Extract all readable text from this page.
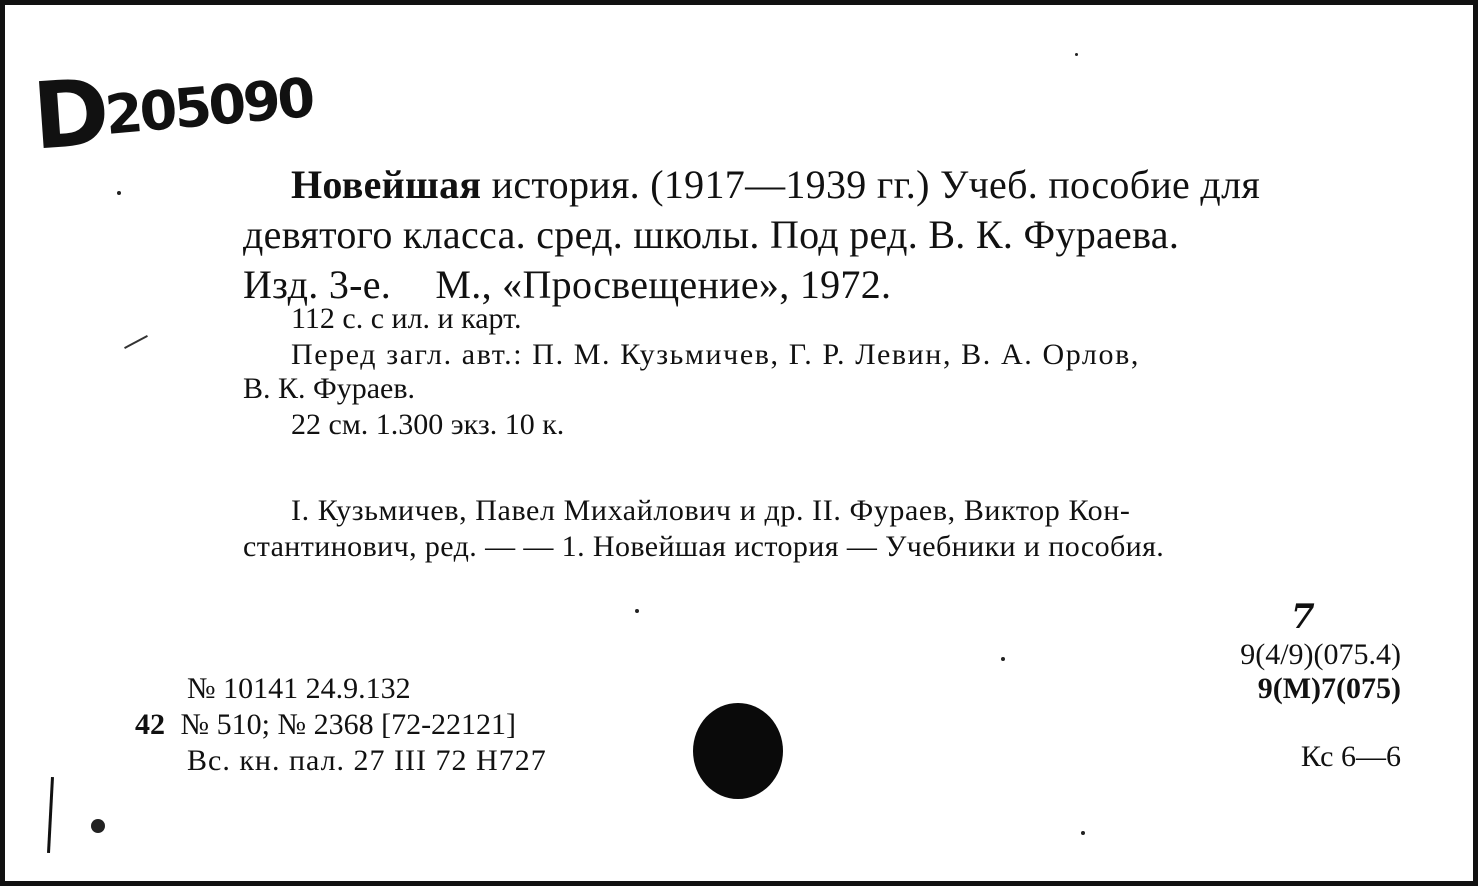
D
205090
Новейшая история. (1917—1939 гг.) Учеб. пособие для
девятого класса. сред. школы. Под ред. В. К. Фураева.
Изд. 3-е. М., «Просвещение», 1972.
112 с. с ил. и карт.
Перед загл. авт.: П. М. Кузьмичев, Г. Р. Левин, В. А. Орлов,
В. К. Фураев.
22 см. 1.300 экз. 10 к.
I. Кузьмичев, Павел Михайлович и др. II. Фураев, Виктор Кон-
стантинович, ред. — — 1. Новейшая история — Учебники и пособия.
№ 10141 24.9.132
42 № 510; № 2368 [72-22121]
Вс. кн. пал. 27 III 72 Н727
7
9(4/9)(075.4)
9(М)7(075)
Кс 6—6
